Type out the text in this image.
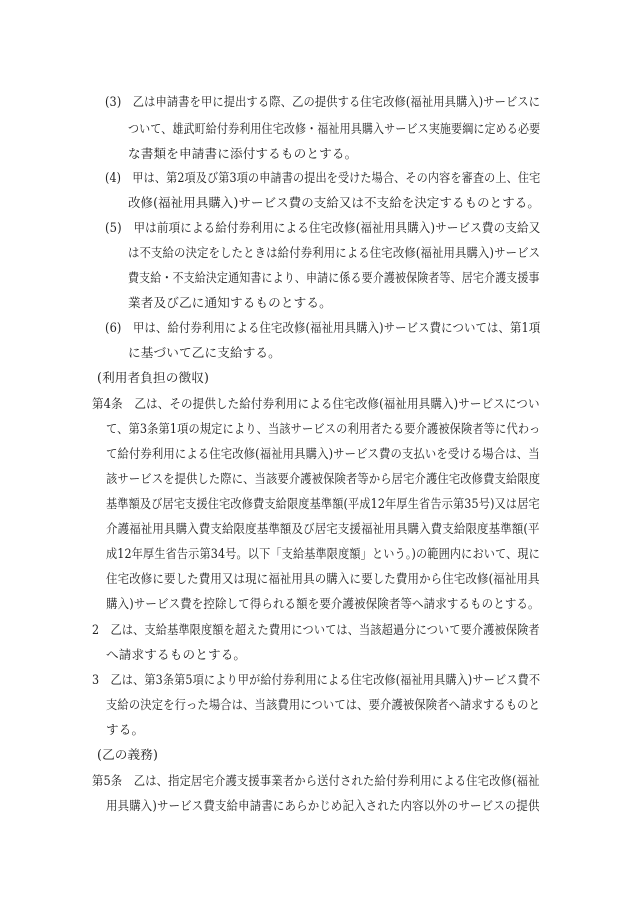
(3)　乙は申請書を甲に提出する際、乙の提供する住宅改修(福祉用具購入)サービスに
ついて、雄武町給付券利用住宅改修・福祉用具購入サービス実施要綱に定める必要
な書類を申請書に添付するものとする。
(4)　甲は、第2項及び第3項の申請書の提出を受けた場合、その内容を審査の上、住宅
改修(福祉用具購入)サービス費の支給又は不支給を決定するものとする。
(5)　甲は前項による給付券利用による住宅改修(福祉用具購入)サービス費の支給又
は不支給の決定をしたときは給付券利用による住宅改修(福祉用具購入)サービス
費支給・不支給決定通知書により、申請に係る要介護被保険者等、居宅介護支援事
業者及び乙に通知するものとする。
(6)　甲は、給付券利用による住宅改修(福祉用具購入)サービス費については、第1項
に基づいて乙に支給する。
(利用者負担の徴収)
第4条　乙は、その提供した給付券利用による住宅改修(福祉用具購入)サービスについ
て、第3条第1項の規定により、当該サービスの利用者たる要介護被保険者等に代わっ
て給付券利用による住宅改修(福祉用具購入)サービス費の支払いを受ける場合は、当
該サービスを提供した際に、当該要介護被保険者等から居宅介護住宅改修費支給限度
基準額及び居宅支援住宅改修費支給限度基準額(平成12年厚生省告示第35号)又は居宅
介護福祉用具購入費支給限度基準額及び居宅支援福祉用具購入費支給限度基準額(平
成12年厚生省告示第34号。以下「支給基準限度額」という。)の範囲内において、現に
住宅改修に要した費用又は現に福祉用具の購入に要した費用から住宅改修(福祉用具
購入)サービス費を控除して得られる額を要介護被保険者等へ請求するものとする。
2　乙は、支給基準限度額を超えた費用については、当該超過分について要介護被保険者
へ請求するものとする。
3　乙は、第3条第5項により甲が給付券利用による住宅改修(福祉用具購入)サービス費不
支給の決定を行った場合は、当該費用については、要介護被保険者へ請求するものと
する。
(乙の義務)
第5条　乙は、指定居宅介護支援事業者から送付された給付券利用による住宅改修(福祉
用具購入)サービス費支給申請書にあらかじめ記入された内容以外のサービスの提供
